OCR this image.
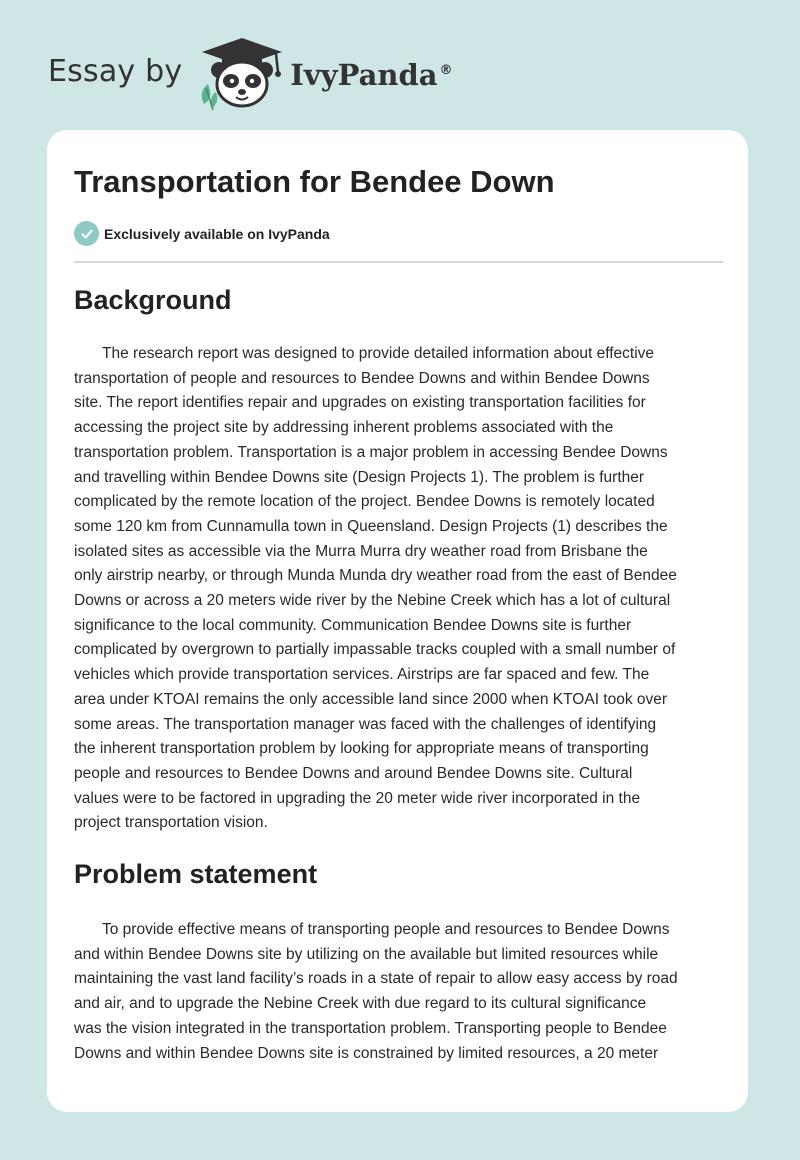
Essay by	IvyPanda ®
Transportation for Bendee Down
Exclusively available on IvyPanda
Background
The research report was designed to provide detailed information about effective
transportation of people and resources to Bendee Downs and within Bendee Downs
site. The report identifies repair and upgrades on existing transportation facilities for
accessing the project site by addressing inherent problems associated with the
transportation problem. Transportation is a major problem in accessing Bendee Downs
and travelling within Bendee Downs site (Design Projects 1). The problem is further
complicated by the remote location of the project. Bendee Downs is remotely located
some 120 km from Cunnamulla town in Queensland. Design Projects (1) describes the
isolated sites as accessible via the Murra Murra dry weather road from Brisbane the
only airstrip nearby, or through Munda Munda dry weather road from the east of Bendee
Downs or across a 20 meters wide river by the Nebine Creek which has a lot of cultural
significance to the local community. Communication Bendee Downs site is further
complicated by overgrown to partially impassable tracks coupled with a small number of
vehicles which provide transportation services. Airstrips are far spaced and few. The
area under KTOAI remains the only accessible land since 2000 when KTOAI took over
some areas. The transportation manager was faced with the challenges of identifying
the inherent transportation problem by looking for appropriate means of transporting
people and resources to Bendee Downs and around Bendee Downs site. Cultural
values were to be factored in upgrading the 20 meter wide river incorporated in the
project transportation vision.
Problem statement
To provide effective means of transporting people and resources to Bendee Downs
and within Bendee Downs site by utilizing on the available but limited resources while
maintaining the vast land facility’s roads in a state of repair to allow easy access by road
and air, and to upgrade the Nebine Creek with due regard to its cultural significance
was the vision integrated in the transportation problem. Transporting people to Bendee
Downs and within Bendee Downs site is constrained by limited resources, a 20 meter
